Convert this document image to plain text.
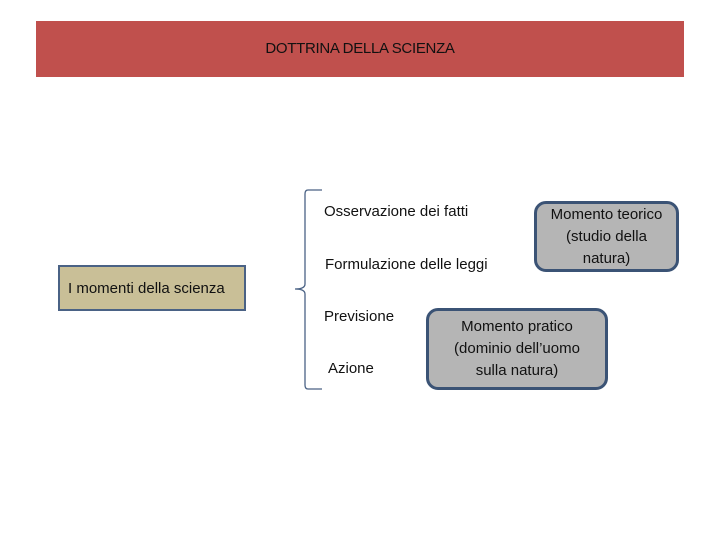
DOTTRINA DELLA SCIENZA
I momenti della scienza
Osservazione dei fatti
Formulazione delle leggi
Previsione
Azione
Momento teorico (studio della natura)
Momento pratico (dominio dell’uomo sulla natura)
